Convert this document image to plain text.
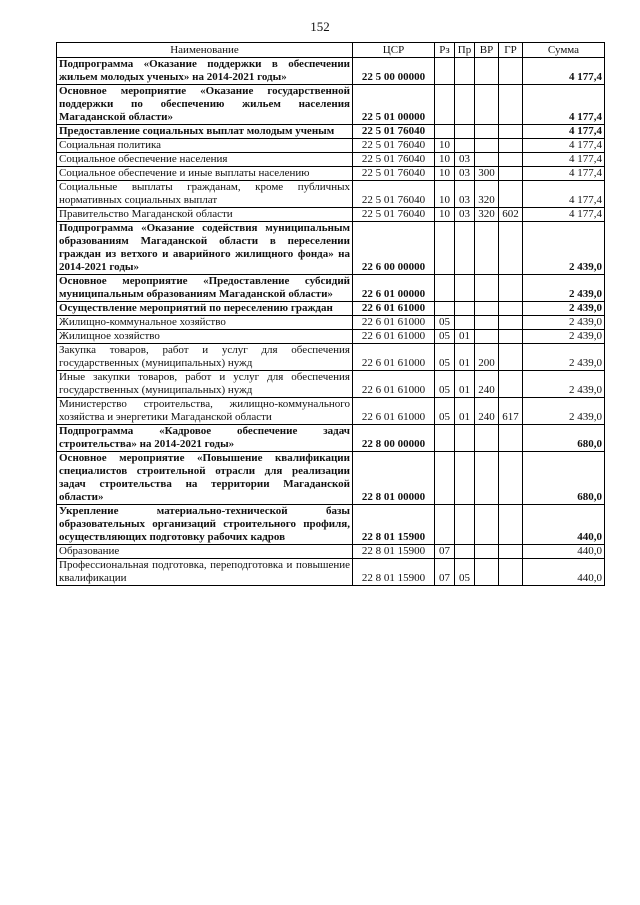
152
Наименование	ЦСР	Рз	Пр	ВР	ГР	Сумма
Подпрограмма «Оказание поддержки в обеспечении жильем молодых ученых» на 2014-2021 годы»	22 5 00 00000					4 177,4
Основное мероприятие «Оказание государственной поддержки по обеспечению жильем населения Магаданской области»	22 5 01 00000					4 177,4
Предоставление социальных выплат молодым ученым	22 5 01 76040					4 177,4
Социальная политика	22 5 01 76040	10				4 177,4
Социальное обеспечение населения	22 5 01 76040	10	03			4 177,4
Социальное обеспечение и иные выплаты населению	22 5 01 76040	10	03	300		4 177,4
Социальные выплаты гражданам, кроме публичных нормативных социальных выплат	22 5 01 76040	10	03	320		4 177,4
Правительство Магаданской области	22 5 01 76040	10	03	320	602	4 177,4
Подпрограмма «Оказание содействия муниципальным образованиям Магаданской области в переселении граждан из ветхого и аварийного жилищного фонда» на 2014-2021 годы»	22 6 00 00000					2 439,0
Основное мероприятие «Предоставление субсидий муниципальным образованиям Магаданской области»	22 6 01 00000					2 439,0
Осуществление мероприятий по переселению граждан	22 6 01 61000					2 439,0
Жилищно-коммунальное хозяйство	22 6 01 61000	05				2 439,0
Жилищное хозяйство	22 6 01 61000	05	01			2 439,0
Закупка товаров, работ и услуг для обеспечения государственных (муниципальных) нужд	22 6 01 61000	05	01	200		2 439,0
Иные закупки товаров, работ и услуг для обеспечения государственных (муниципальных) нужд	22 6 01 61000	05	01	240		2 439,0
Министерство строительства, жилищно-коммунального хозяйства и энергетики Магаданской области	22 6 01 61000	05	01	240	617	2 439,0
Подпрограмма «Кадровое обеспечение задач строительства» на 2014-2021 годы»	22 8 00 00000					680,0
Основное мероприятие «Повышение квалификации специалистов строительной отрасли для реализации задач строительства на территории Магаданской области»	22 8 01 00000					680,0
Укрепление материально-технической базы образовательных организаций строительного профиля, осуществляющих подготовку рабочих кадров	22 8 01 15900					440,0
Образование	22 8 01 15900	07				440,0
Профессиональная подготовка, переподготовка и повышение квалификации	22 8 01 15900	07	05			440,0
